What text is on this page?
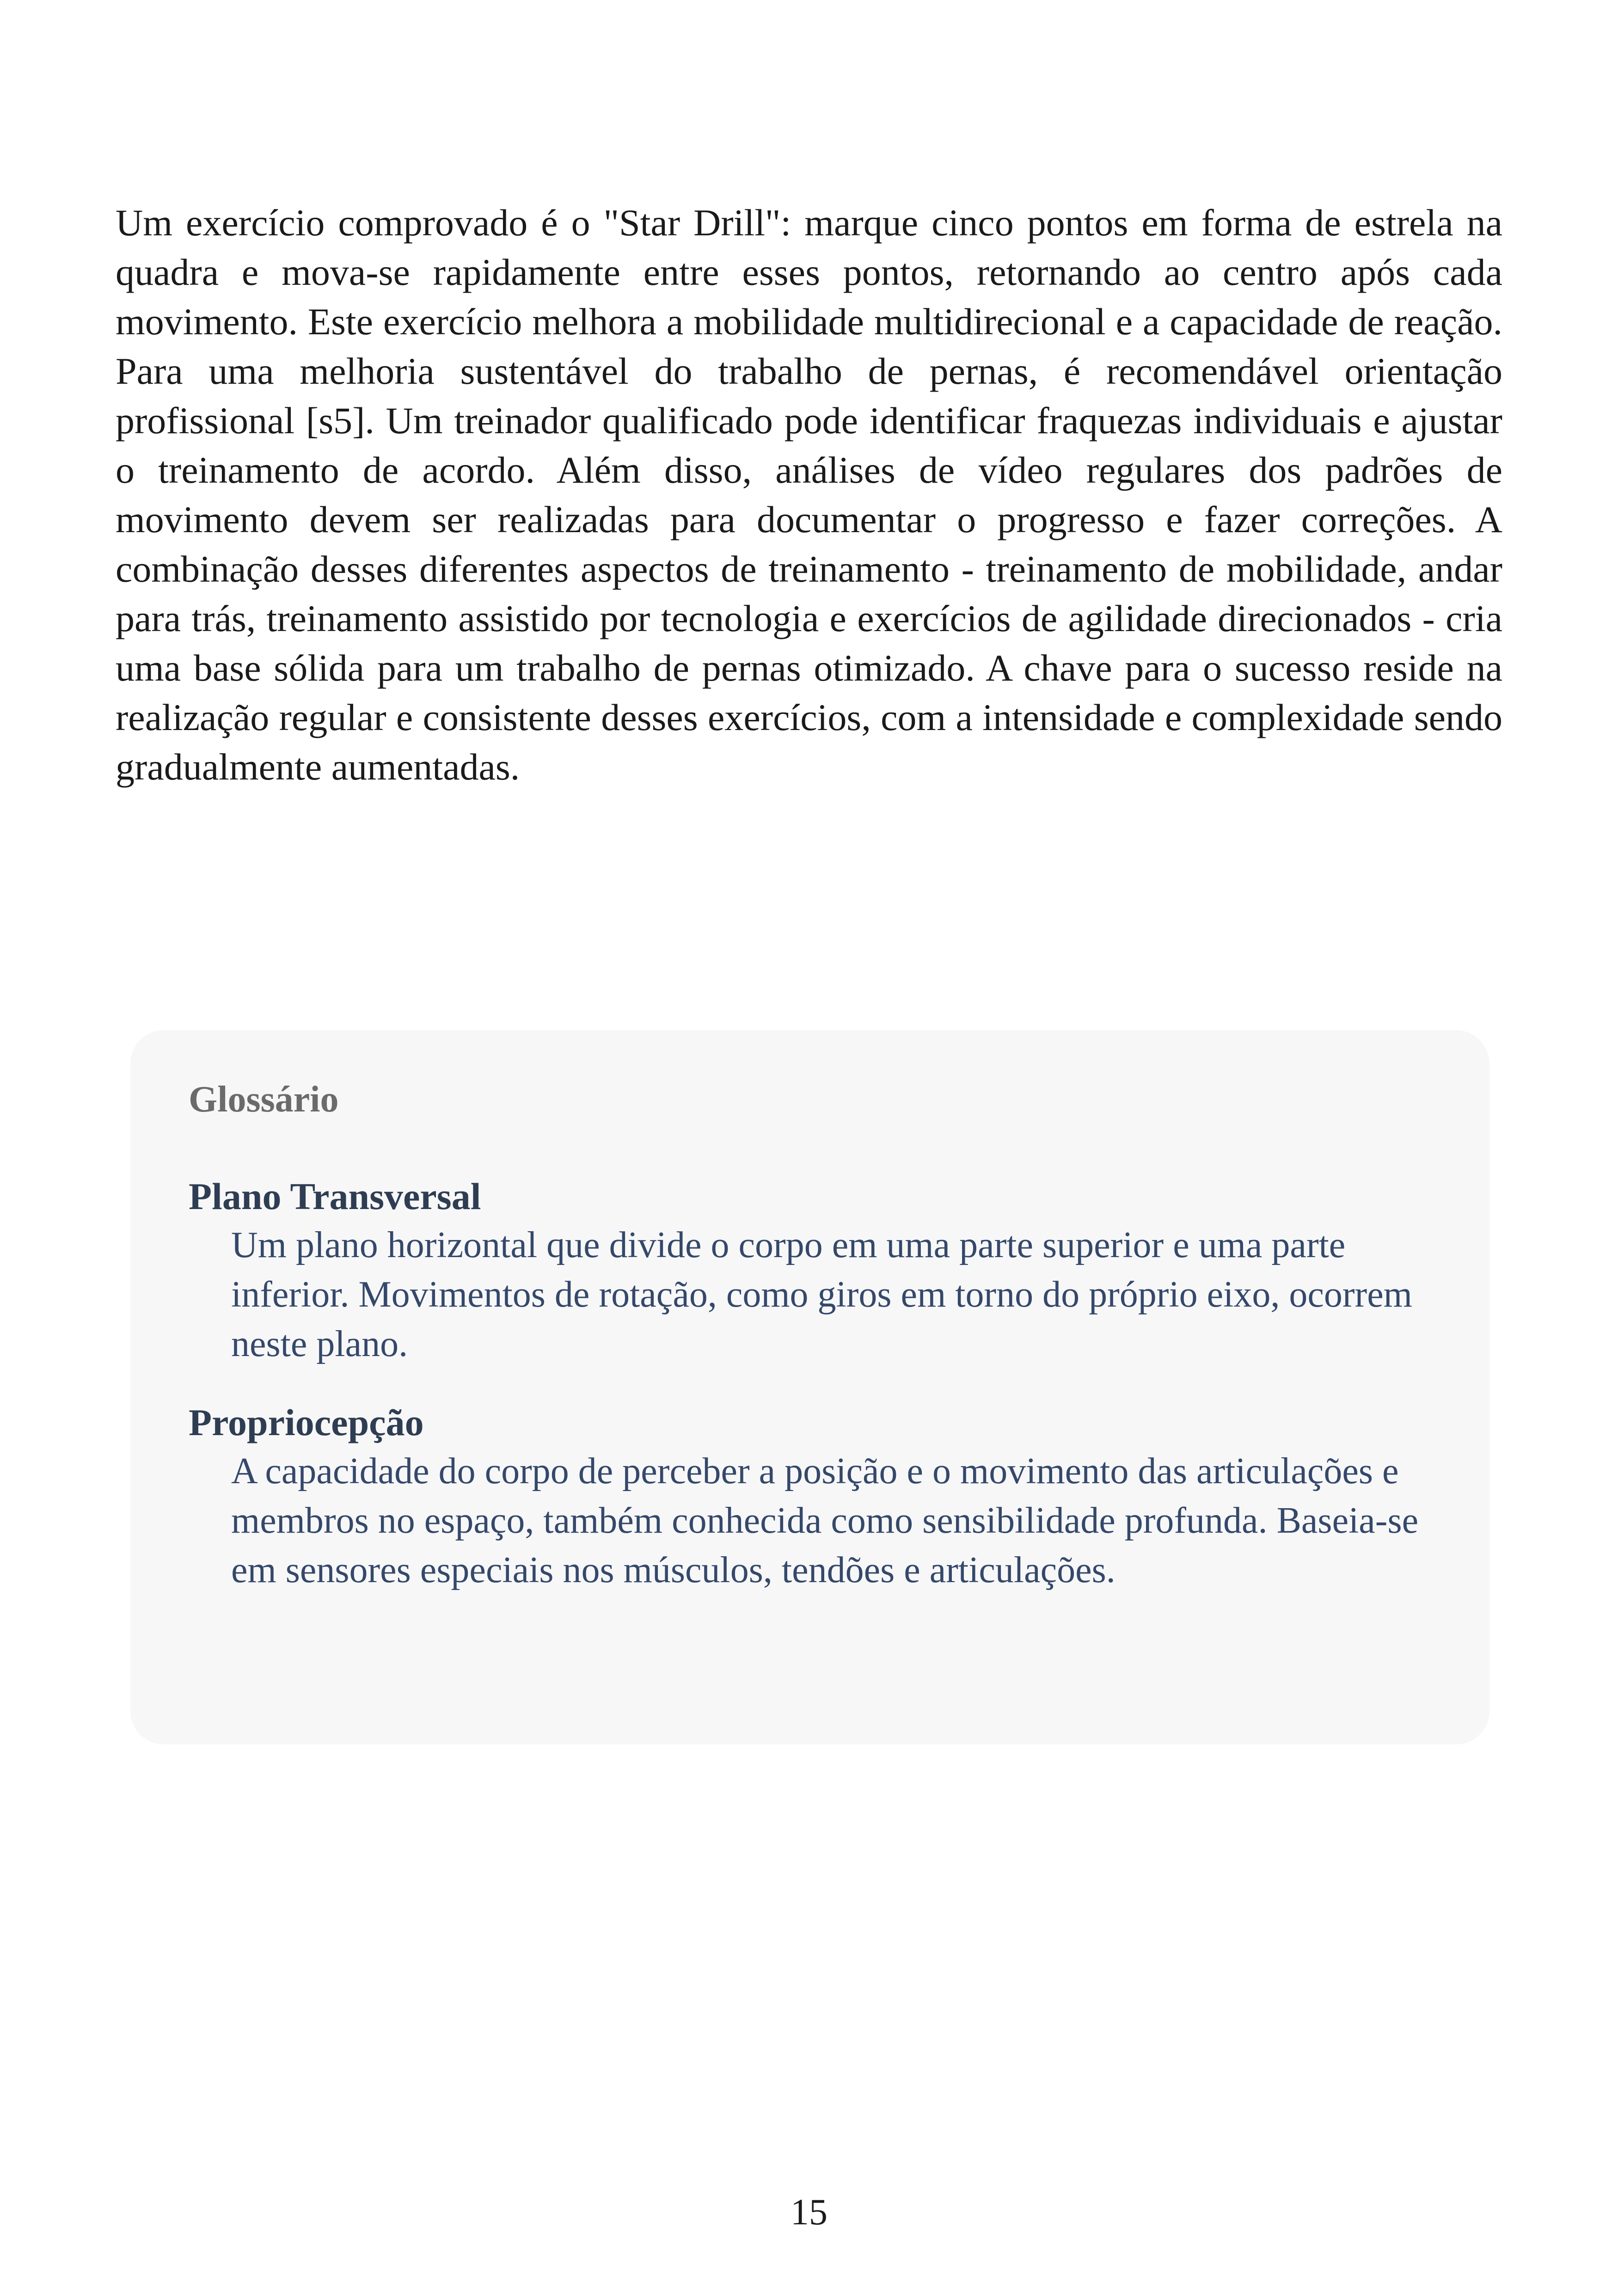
Um exercício comprovado é o "Star Drill": marque cinco pontos em forma de estrela na quadra e mova-se rapidamente entre esses pontos, retornando ao centro após cada movimento. Este exercício melhora a mobilidade multidirecional e a capacidade de reação. Para uma melhoria sustentável do trabalho de pernas, é recomendável orientação profissional [s5]. Um treinador qualificado pode identificar fraquezas individuais e ajustar o treinamento de acordo. Além disso, análises de vídeo regulares dos padrões de movimento devem ser realizadas para documentar o progresso e fazer correções. A combinação desses diferentes aspectos de treinamento - treinamento de mobilidade, andar para trás, treinamento assistido por tecnologia e exercícios de agilidade direcionados - cria uma base sólida para um trabalho de pernas otimizado. A chave para o sucesso reside na realização regular e consistente desses exercícios, com a intensidade e complexidade sendo gradualmente aumentadas.

Glossário

Plano Transversal

Um plano horizontal que divide o corpo em uma parte superior e uma parte inferior. Movimentos de rotação, como giros em torno do próprio eixo, ocorrem neste plano.

Propriocepção

A capacidade do corpo de perceber a posição e o movimento das articulações e membros no espaço, também conhecida como sensibilidade profunda. Baseia-se em sensores especiais nos músculos, tendões e articulações.

15
